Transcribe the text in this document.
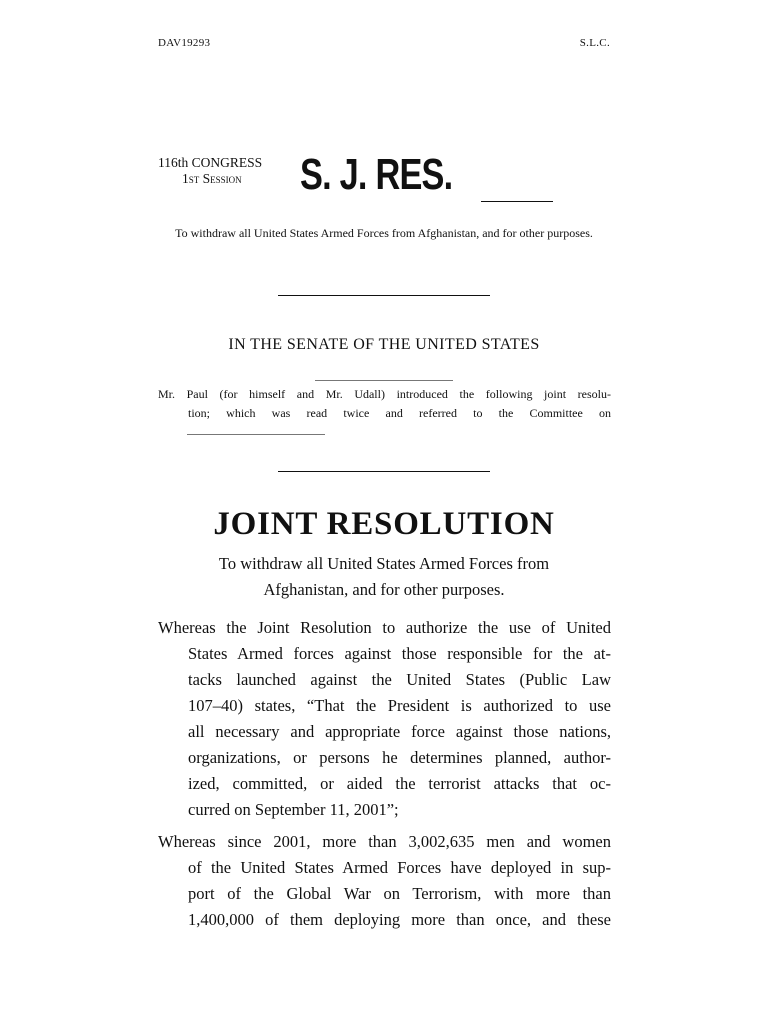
DAV19293	S.L.C.
116th CONGRESS
1st Session	S. J. RES.
To withdraw all United States Armed Forces from Afghanistan, and for other purposes.
IN THE SENATE OF THE UNITED STATES
Mr. Paul (for himself and Mr. Udall) introduced the following joint resolu-
tion; which was read twice and referred to the Committee on
JOINT RESOLUTION
To withdraw all United States Armed Forces from
Afghanistan, and for other purposes.
Whereas the Joint Resolution to authorize the use of United
States Armed forces against those responsible for the at-
tacks launched against the United States (Public Law
107–40) states, “That the President is authorized to use
all necessary and appropriate force against those nations,
organizations, or persons he determines planned, author-
ized, committed, or aided the terrorist attacks that oc-
curred on September 11, 2001”;
Whereas since 2001, more than 3,002,635 men and women
of the United States Armed Forces have deployed in sup-
port of the Global War on Terrorism, with more than
1,400,000 of them deploying more than once, and these
